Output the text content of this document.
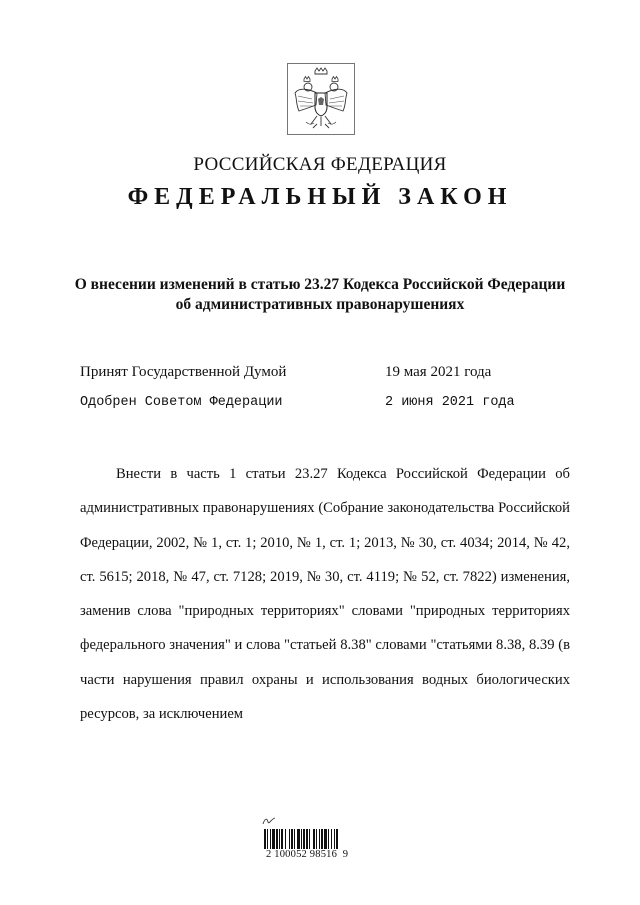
РОССИЙСКАЯ ФЕДЕРАЦИЯ
ФЕДЕРАЛЬНЫЙ ЗАКОН
О внесении изменений в статью 23.27 Кодекса Российской Федерации
об административных правонарушениях
Принят Государственной Думой	19 мая 2021 года
Одобрен Советом Федерации	2 июня 2021 года

Внести в часть 1 статьи 23.27 Кодекса Российской Федерации об административных правонарушениях (Собрание законодательства Российской Федерации, 2002, № 1, ст. 1; 2010, № 1, ст. 1; 2013, № 30, ст. 4034; 2014, № 42, ст. 5615; 2018, № 47, ст. 7128; 2019, № 30, ст. 4119; № 52, ст. 7822) изменения, заменив слова "природных территориях" словами "природных территориях федерального значения" и слова "статьей 8.38" словами "статьями 8.38, 8.39 (в части нарушения правил охраны и использования водных биологических ресурсов, за исключением

2 100052 98516  9
